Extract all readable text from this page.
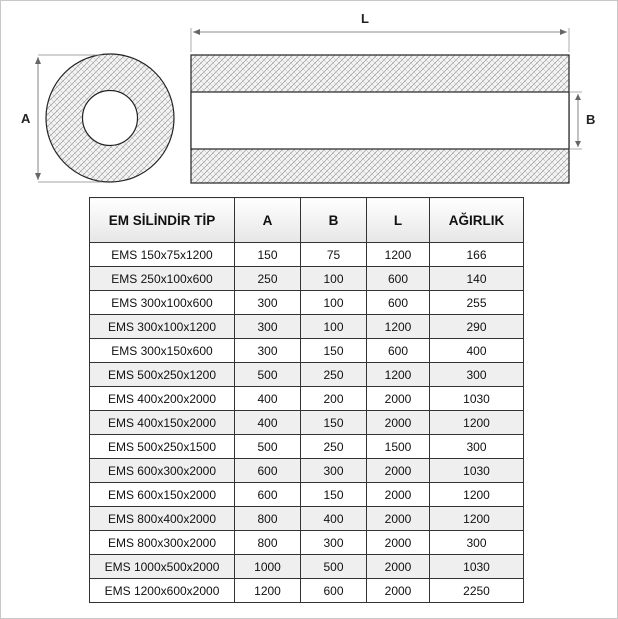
A
L
B
EM SİLİNDİR TİP	A	B	L	AĞIRLIK
EMS 150x75x1200	150	75	1200	166
EMS 250x100x600	250	100	600	140
EMS 300x100x600	300	100	600	255
EMS 300x100x1200	300	100	1200	290
EMS 300x150x600	300	150	600	400
EMS 500x250x1200	500	250	1200	300
EMS 400x200x2000	400	200	2000	1030
EMS 400x150x2000	400	150	2000	1200
EMS 500x250x1500	500	250	1500	300
EMS 600x300x2000	600	300	2000	1030
EMS 600x150x2000	600	150	2000	1200
EMS 800x400x2000	800	400	2000	1200
EMS 800x300x2000	800	300	2000	300
EMS 1000x500x2000	1000	500	2000	1030
EMS 1200x600x2000	1200	600	2000	2250
